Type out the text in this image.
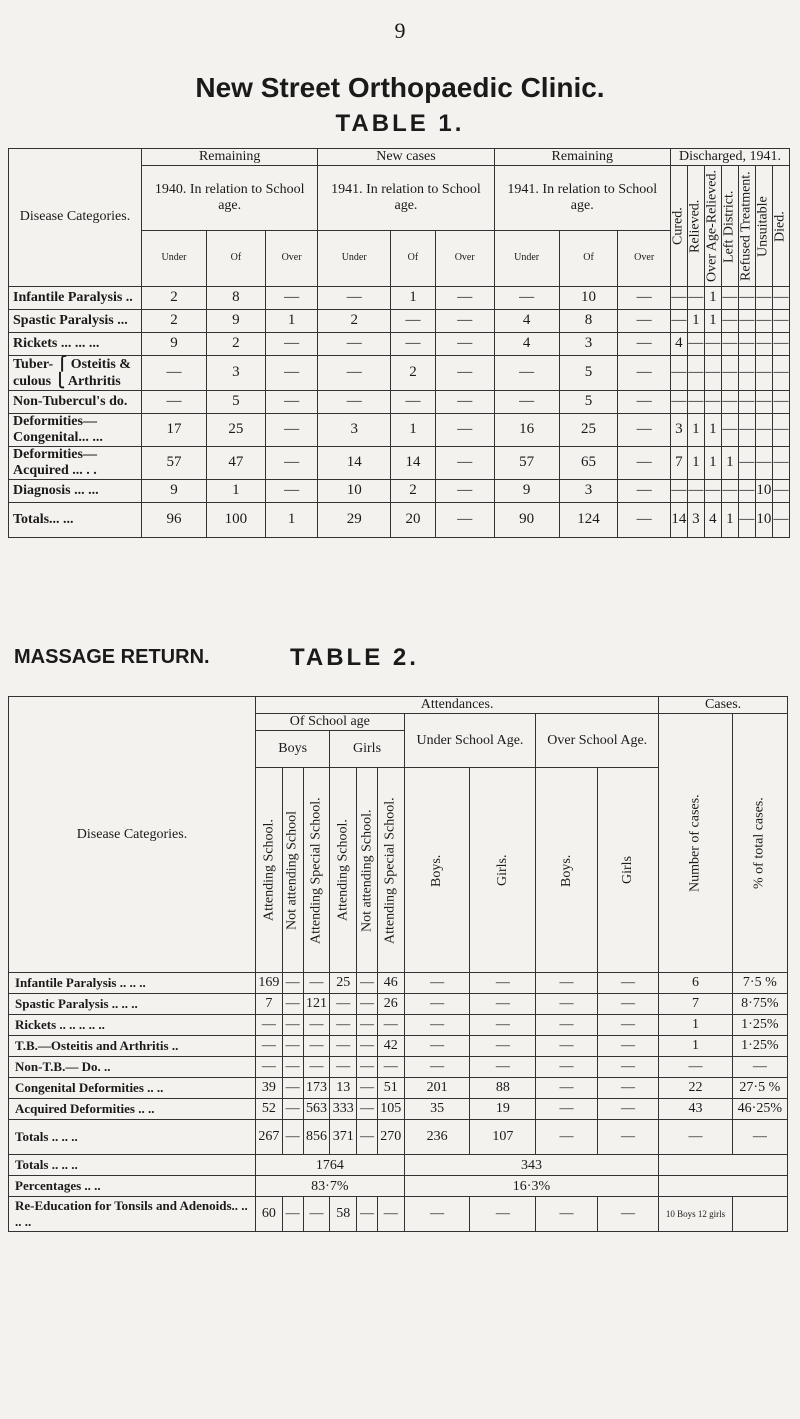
9
New Street Orthopaedic Clinic.
TABLE 1.
Disease Categories.	Remaining			New cases			Remaining			Discharged, 1941.						
	1940. In relation to School age.			1941. In relation to School age.			1941. In relation to School age.			Cured.	Relieved.	Over Age-Relieved.	Left District.	Refused Treatment.	Unsuitable	Died.
	Under	Of	Over	Under	Of	Over	Under	Of	Over							
Infantile Paralysis ..	2	8	—	—	1	—	—	10	—	—	—	1	—	—	—	—
Spastic Paralysis ...	2	9	1	2	—	—	4	8	—	—	1	1	—	—	—	—
Rickets ... ... ...	9	2	—	—	—	—	4	3	—	4	—	—	—	—	—	—
Tuber- ⎧ Osteitis & culous ⎩ Arthritis	—	3	—	—	2	—	—	5	—	—	—	—	—	—	—	—
Non-Tubercul's do.	—	5	—	—	—	—	—	5	—	—	—	—	—	—	—	—
Deformities— Congenital... ...	17	25	—	3	1	—	16	25	—	3	1	1	—	—	—	—
Deformities— Acquired ... . .	57	47	—	14	14	—	57	65	—	7	1	1	1	—	—	—
Diagnosis ... ...	9	1	—	10	2	—	9	3	—	—	—	—	—	—	10	—
Totals... ...	96	100	1	29	20	—	90	124	—	14	3	4	1	—	10	—
MASSAGE RETURN.	TABLE 2.
Disease Categories.	Attendances.										Cases.	
	Of School age						Under School Age.		Over School Age.		Number of cases.	% of total cases.
	Boys			Girls								
	Attending School.	Not attending School	Attending Special School.	Attending School.	Not attending School.	Attending Special School.	Boys.	Girls.	Boys.	Girls		
Infantile Paralysis .. .. ..	169	—	—	25	—	46	—	—	—	—	6	7·5 %
Spastic Paralysis .. .. ..	7	—	121	—	—	26	—	—	—	—	7	8·75%
Rickets .. .. .. .. ..	—	—	—	—	—	—	—	—	—	—	1	1·25%
T.B.—Osteitis and Arthritis ..	—	—	—	—	—	42	—	—	—	—	1	1·25%
Non-T.B.— Do. ..	—	—	—	—	—	—	—	—	—	—	—	—
Congenital Deformities .. ..	39	—	173	13	—	51	201	88	—	—	22	27·5 %
Acquired Deformities .. ..	52	—	563	333	—	105	35	19	—	—	43	46·25%
Totals .. .. ..	267	—	856	371	—	270	236	107	—	—	—	—
Totals .. .. ..	1764						343					
Percentages .. ..	83·7%						16·3%					
Re-Education for Tonsils and Adenoids.. .. .. ..	60	—	—	58	—	—	—	—	—	—	10 Boys 12 girls	
